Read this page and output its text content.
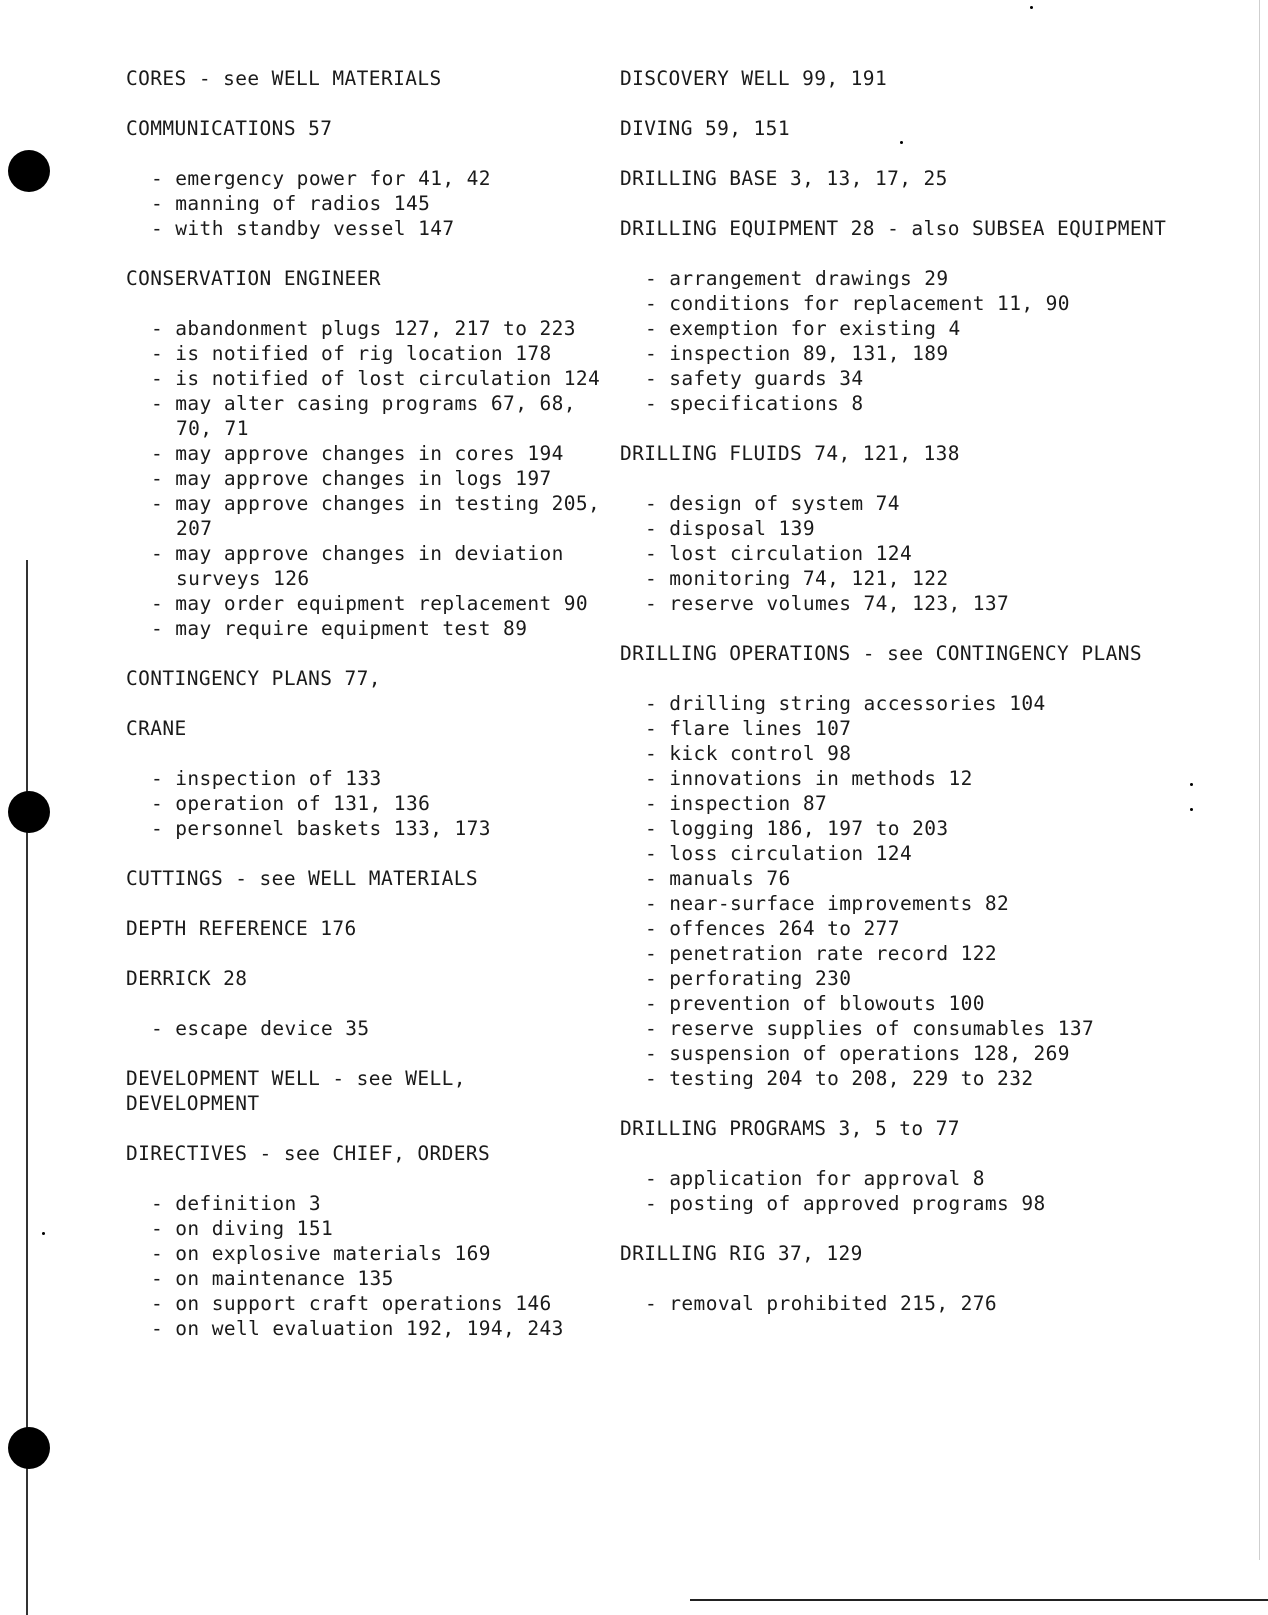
CORES - see WELL MATERIALS
COMMUNICATIONS 57
- emergency power for 41, 42
- manning of radios 145
- with standby vessel 147
CONSERVATION ENGINEER
- abandonment plugs 127, 217 to 223
- is notified of rig location 178
- is notified of lost circulation 124
- may alter casing programs 67, 68, 70, 71
- may approve changes in cores 194
- may approve changes in logs 197
- may approve changes in testing 205, 207
- may approve changes in deviation surveys 126
- may order equipment replacement 90
- may require equipment test 89
CONTINGENCY PLANS 77,
CRANE
- inspection of 133
- operation of 131, 136
- personnel baskets 133, 173
CUTTINGS - see WELL MATERIALS
DEPTH REFERENCE 176
DERRICK 28
- escape device 35
DEVELOPMENT WELL - see WELL, DEVELOPMENT
DIRECTIVES - see CHIEF, ORDERS
- definition 3
- on diving 151
- on explosive materials 169
- on maintenance 135
- on support craft operations 146
- on well evaluation 192, 194, 243
DISCOVERY WELL 99, 191
DIVING 59, 151
DRILLING BASE 3, 13, 17, 25
DRILLING EQUIPMENT 28 - also SUBSEA EQUIPMENT
- arrangement drawings 29
- conditions for replacement 11, 90
- exemption for existing 4
- inspection 89, 131, 189
- safety guards 34
- specifications 8
DRILLING FLUIDS 74, 121, 138
- design of system 74
- disposal 139
- lost circulation 124
- monitoring 74, 121, 122
- reserve volumes 74, 123, 137
DRILLING OPERATIONS - see CONTINGENCY PLANS
- drilling string accessories 104
- flare lines 107
- kick control 98
- innovations in methods 12
- inspection 87
- logging 186, 197 to 203
- loss circulation 124
- manuals 76
- near-surface improvements 82
- offences 264 to 277
- penetration rate record 122
- perforating 230
- prevention of blowouts 100
- reserve supplies of consumables 137
- suspension of operations 128, 269
- testing 204 to 208, 229 to 232
DRILLING PROGRAMS 3, 5 to 77
- application for approval 8
- posting of approved programs 98
DRILLING RIG 37, 129
- removal prohibited 215, 276
